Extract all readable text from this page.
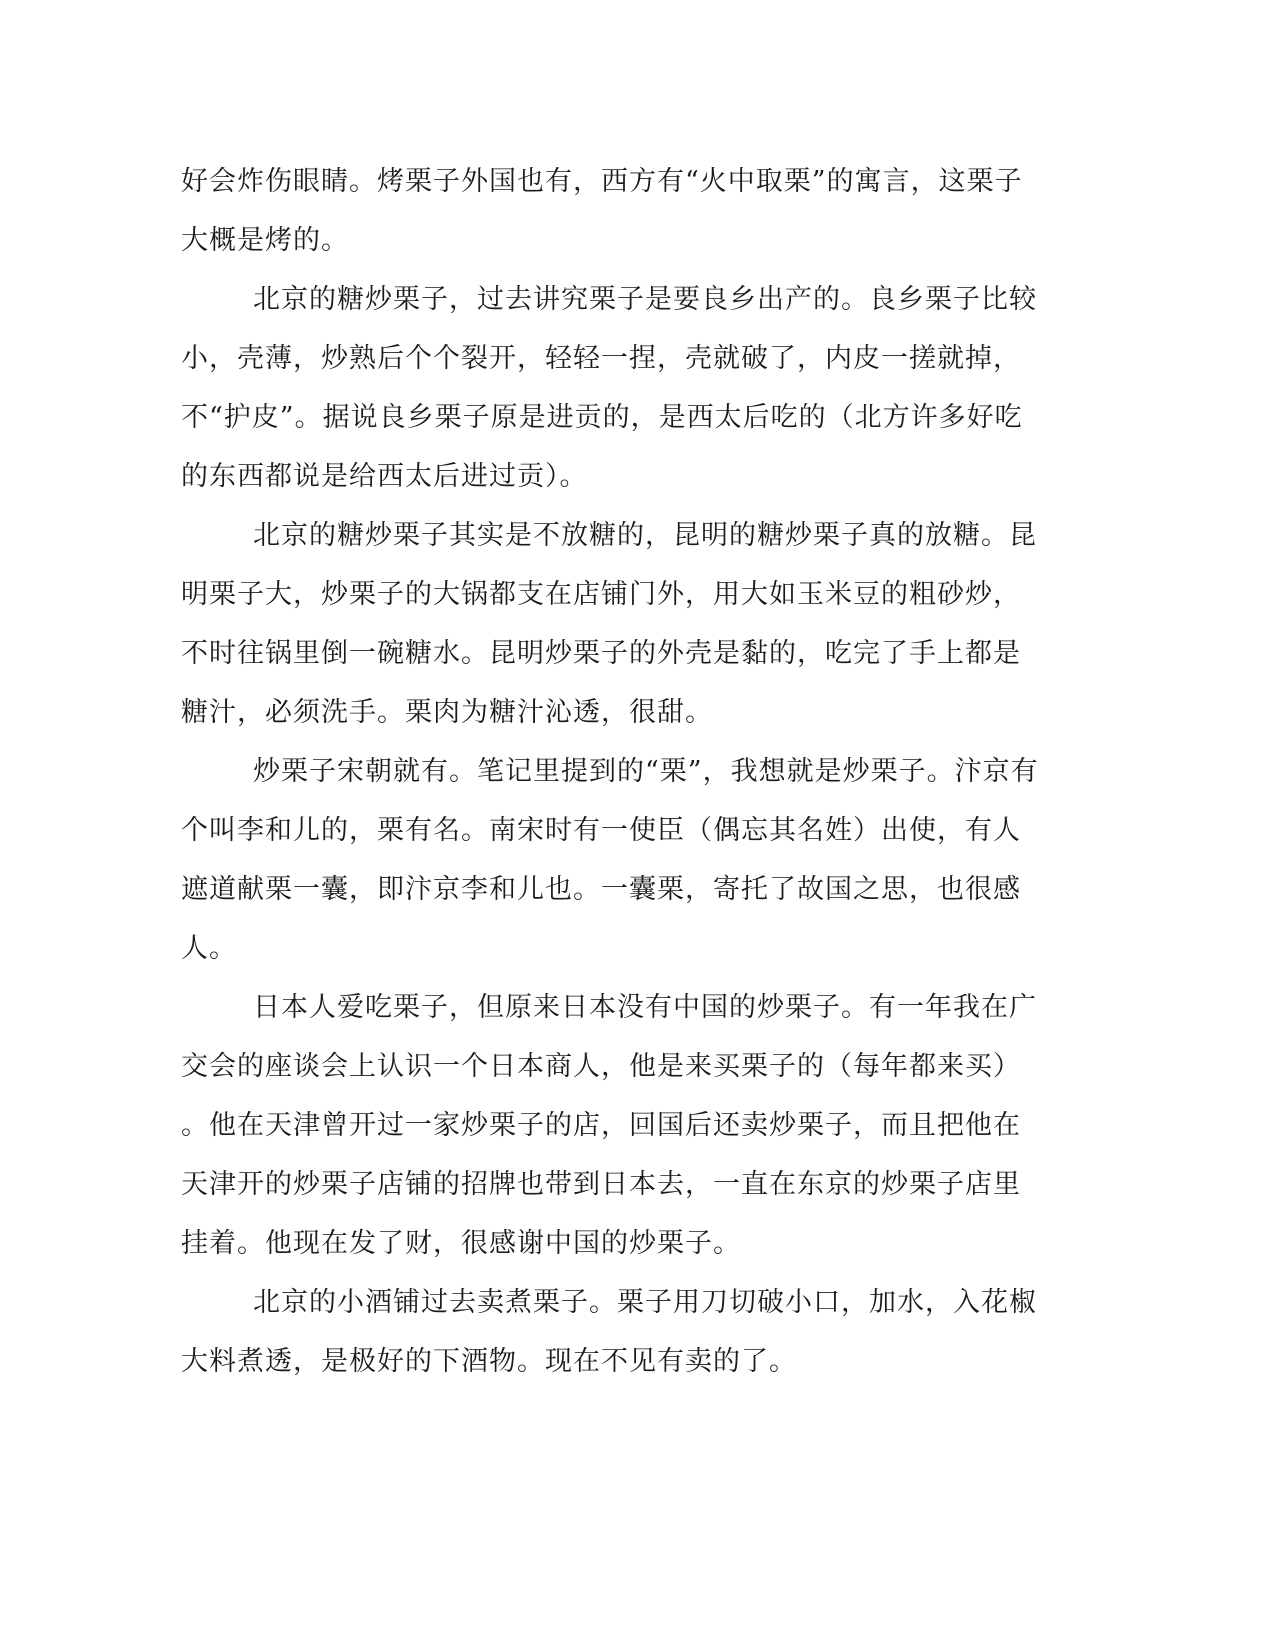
好会炸伤眼睛。烤栗子外国也有，西方有“火中取栗”的寓言，这栗子
大概是烤的。
北京的糖炒栗子，过去讲究栗子是要良乡出产的。良乡栗子比较
小，壳薄，炒熟后个个裂开，轻轻一捏，壳就破了，内皮一搓就掉，
不“护皮”。据说良乡栗子原是进贡的，是西太后吃的（北方许多好吃
的东西都说是给西太后进过贡）。
北京的糖炒栗子其实是不放糖的，昆明的糖炒栗子真的放糖。昆
明栗子大，炒栗子的大锅都支在店铺门外，用大如玉米豆的粗砂炒，
不时往锅里倒一碗糖水。昆明炒栗子的外壳是黏的，吃完了手上都是
糖汁，必须洗手。栗肉为糖汁沁透，很甜。
炒栗子宋朝就有。笔记里提到的“栗”，我想就是炒栗子。汴京有
个叫李和儿的，栗有名。南宋时有一使臣（偶忘其名姓）出使，有人
遮道献栗一囊，即汴京李和儿也。一囊栗，寄托了故国之思，也很感
人。
日本人爱吃栗子，但原来日本没有中国的炒栗子。有一年我在广
交会的座谈会上认识一个日本商人，他是来买栗子的（每年都来买）
。他在天津曾开过一家炒栗子的店，回国后还卖炒栗子，而且把他在
天津开的炒栗子店铺的招牌也带到日本去，一直在东京的炒栗子店里
挂着。他现在发了财，很感谢中国的炒栗子。
北京的小酒铺过去卖煮栗子。栗子用刀切破小口，加水，入花椒
大料煮透，是极好的下酒物。现在不见有卖的了。
